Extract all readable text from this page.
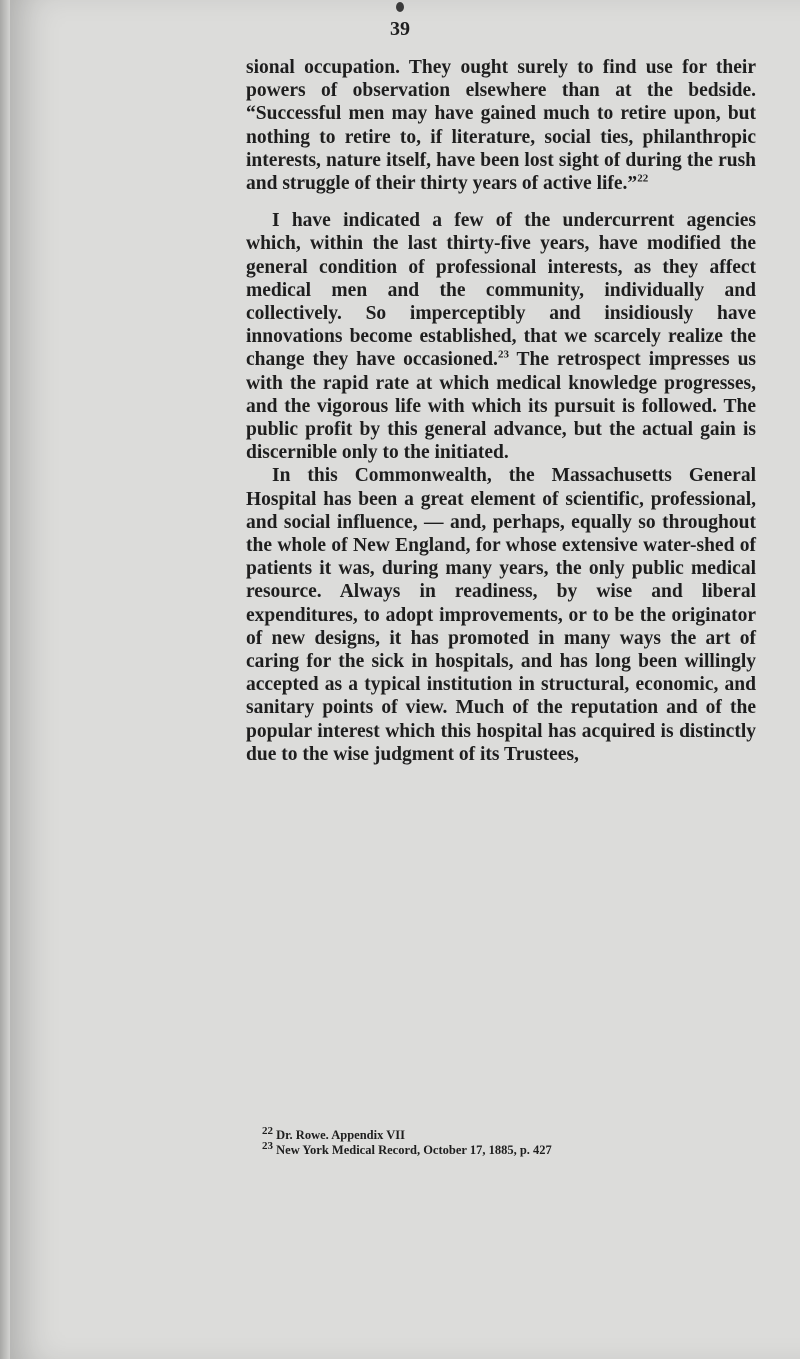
39

sional occupation. They ought surely to find use for their powers of observation elsewhere than at the bedside. “Successful men may have gained much to retire upon, but nothing to retire to, if literature, social ties, philanthropic interests, nature itself, have been lost sight of during the rush and struggle of their thirty years of active life.”$^{22}$

I have indicated a few of the undercurrent agencies which, within the last thirty-five years, have modified the general condition of professional interests, as they affect medical men and the community, individually and collectively. So imperceptibly and insidiously have innovations become established, that we scarcely realize the change they have occasioned.$^{23}$ The retrospect impresses us with the rapid rate at which medical knowledge progresses, and the vigorous life with which its pursuit is followed. The public profit by this general advance, but the actual gain is discernible only to the initiated.

In this Commonwealth, the Massachusetts General Hospital has been a great element of scientific, professional, and social influence, — and, perhaps, equally so throughout the whole of New England, for whose extensive water-shed of patients it was, during many years, the only public medical resource. Always in readiness, by wise and liberal expenditures, to adopt improvements, or to be the originator of new designs, it has promoted in many ways the art of caring for the sick in hospitals, and has long been willingly accepted as a typical institution in structural, economic, and sanitary points of view. Much of the reputation and of the popular interest which this hospital has acquired is distinctly due to the wise judgment of its Trustees,

$^{22}$ Dr. Rowe. Appendix VII
$^{23}$ New York Medical Record, October 17, 1885, p. 427
